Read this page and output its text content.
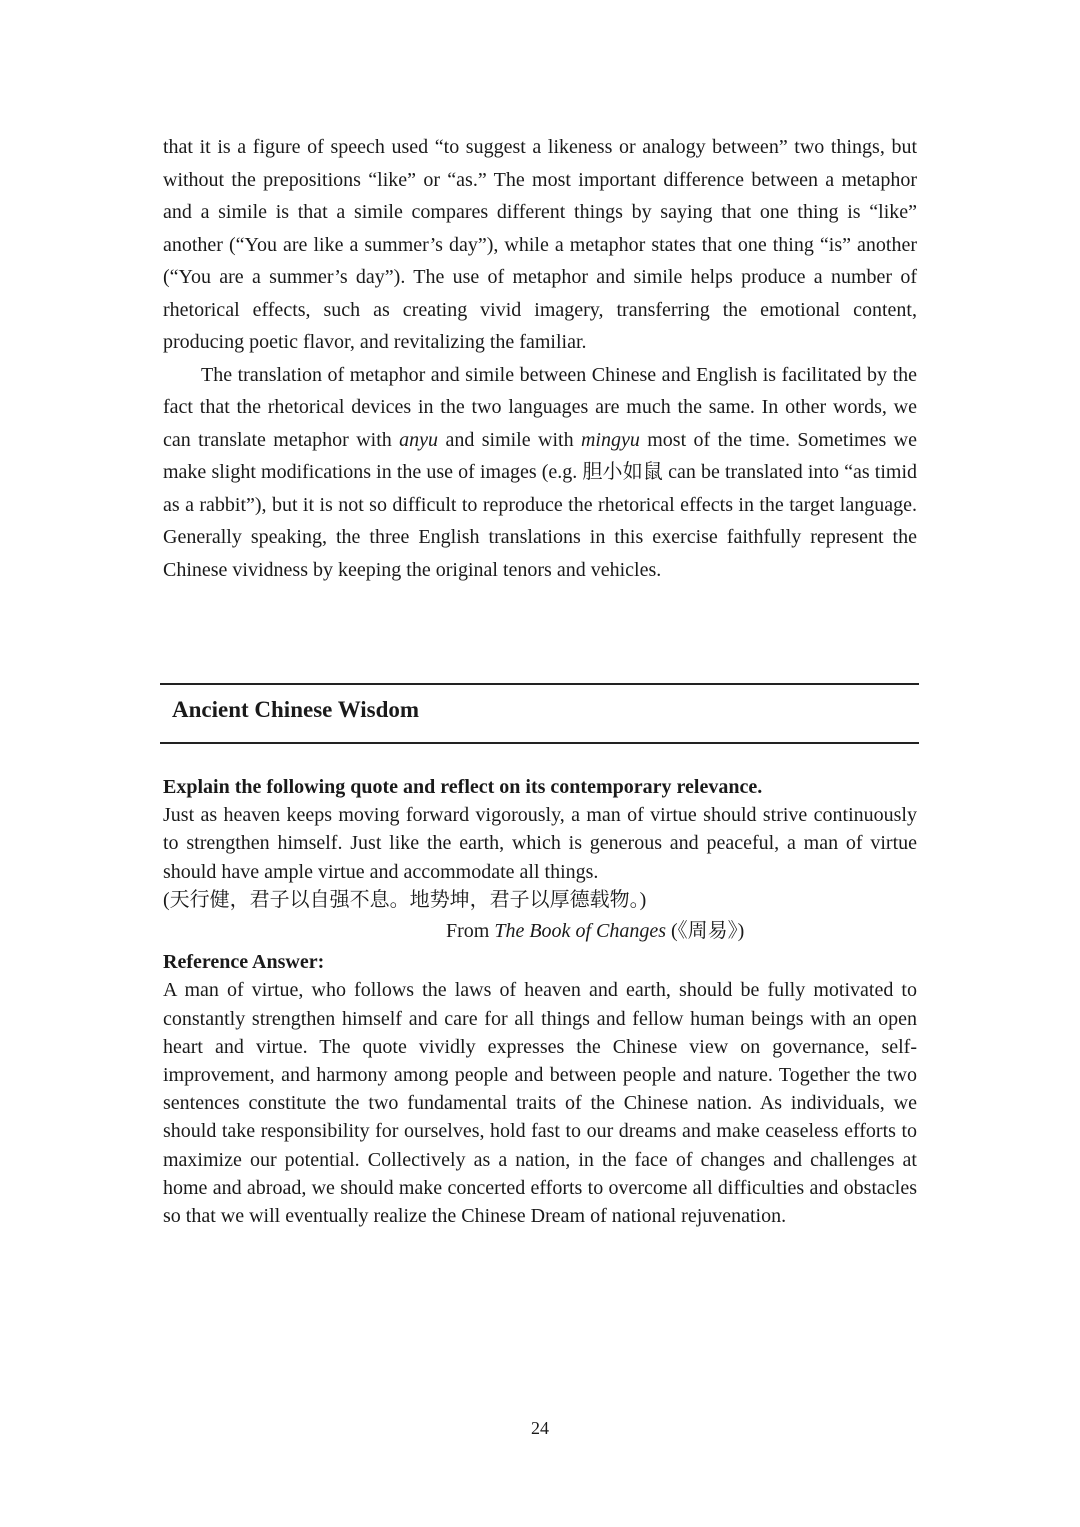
that it is a figure of speech used “to suggest a likeness or analogy between” two things, but without the prepositions “like” or “as.” The most important difference between a metaphor and a simile is that a simile compares different things by saying that one thing is “like” another (“You are like a summer’s day”), while a metaphor states that one thing “is” another (“You are a summer’s day”). The use of metaphor and simile helps produce a number of rhetorical effects, such as creating vivid imagery, transferring the emotional content, producing poetic flavor, and revitalizing the familiar.

The translation of metaphor and simile between Chinese and English is facilitated by the fact that the rhetorical devices in the two languages are much the same. In other words, we can translate metaphor with anyu and simile with mingyu most of the time. Sometimes we make slight modifications in the use of images (e.g. 胆小如鼠 can be translated into “as timid as a rabbit”), but it is not so difficult to reproduce the rhetorical effects in the target language. Generally speaking, the three English translations in this exercise faithfully represent the Chinese vividness by keeping the original tenors and vehicles.

Ancient Chinese Wisdom

Explain the following quote and reflect on its contemporary relevance.

Just as heaven keeps moving forward vigorously, a man of virtue should strive continuously to strengthen himself. Just like the earth, which is generous and peaceful, a man of virtue should have ample virtue and accommodate all things.

(天行健，君子以自强不息。地势坤，君子以厚德载物。)

From The Book of Changes (《周易》)

Reference Answer:

A man of virtue, who follows the laws of heaven and earth, should be fully motivated to constantly strengthen himself and care for all things and fellow human beings with an open heart and virtue. The quote vividly expresses the Chinese view on governance, self-improvement, and harmony among people and between people and nature. Together the two sentences constitute the two fundamental traits of the Chinese nation. As individuals, we should take responsibility for ourselves, hold fast to our dreams and make ceaseless efforts to maximize our potential. Collectively as a nation, in the face of changes and challenges at home and abroad, we should make concerted efforts to overcome all difficulties and obstacles so that we will eventually realize the Chinese Dream of national rejuvenation.

24
